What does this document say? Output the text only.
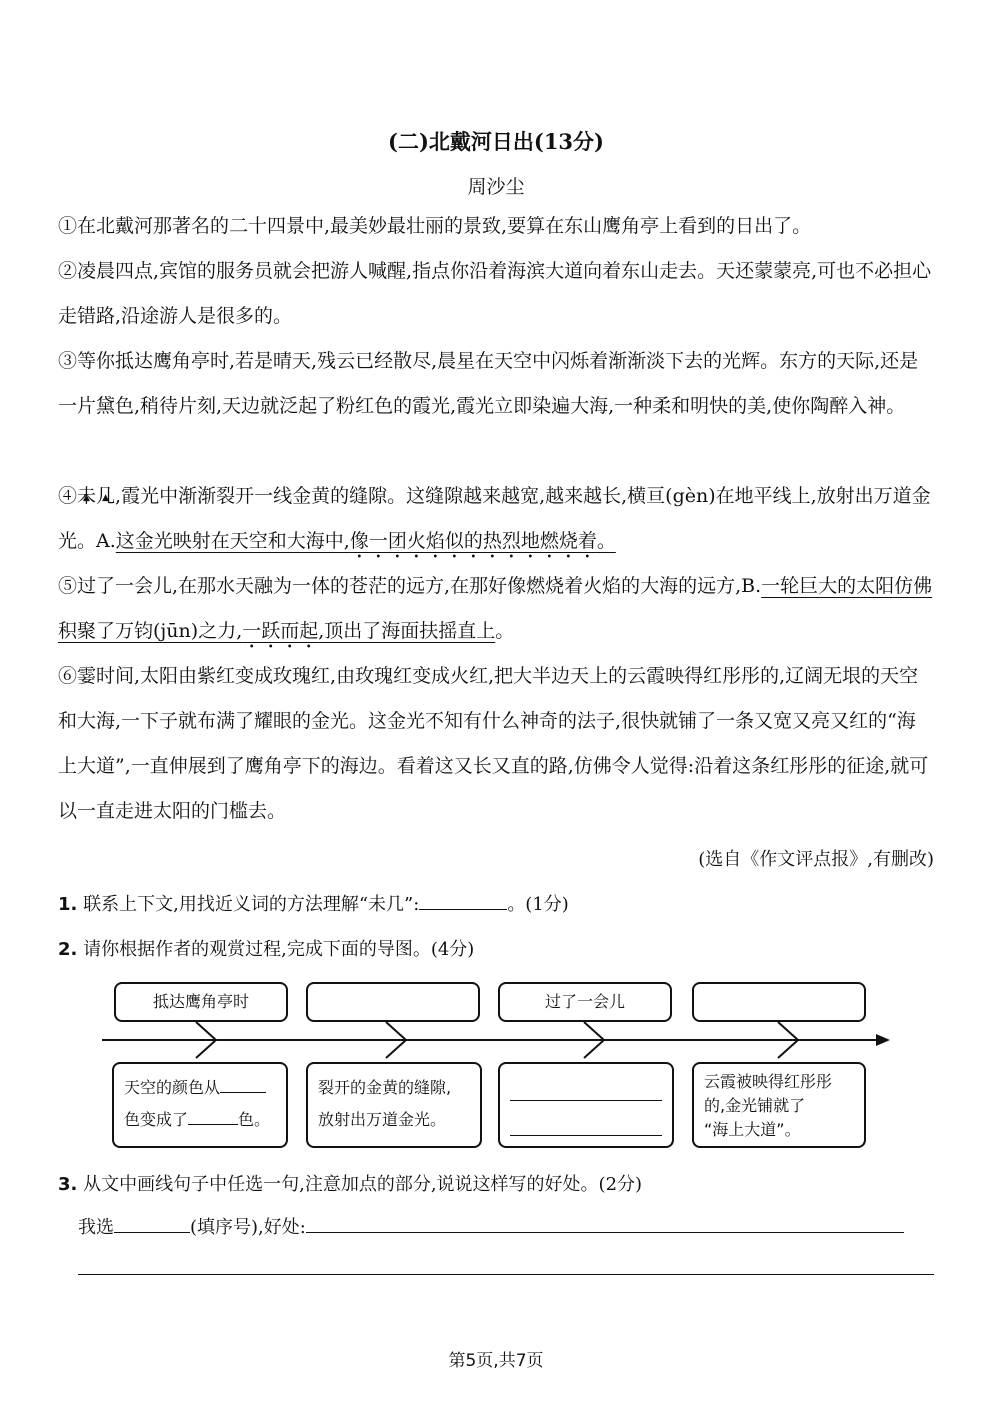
(二)北戴河日出(13分)
周沙尘

①在北戴河那著名的二十四景中,最美妙最壮丽的景致,要算在东山鹰角亭上看到的日出了。

②凌晨四点,宾馆的服务员就会把游人喊醒,指点你沿着海滨大道向着东山走去。天还蒙蒙亮,可也不必担心走错路,沿途游人是很多的。

③等你抵达鹰角亭时,若是晴天,残云已经散尽,晨星在天空中闪烁着渐渐淡下去的光辉。东方的天际,还是一片黛色,稍待片刻,天边就泛起了粉红色的霞光,霞光立即染遍大海,一种柔和明快的美,使你陶醉入神。

④未 ▲几 ▲,霞光中渐渐裂开一线金黄的缝隙。这缝隙越来越宽,越来越长,横亘(gèn)在地平线上,放射出万道金光。A.这金光映射在天空和大海中,像一团火焰似的热烈地燃烧着。

⑤过了一会儿,在那水天融为一体的苍茫的远方,在那好像燃烧着火焰的大海的远方,B.一轮巨大的太阳仿佛积聚了万钧(jūn)之力,一跃而起,顶出了海面扶摇直上。

⑥霎时间,太阳由紫红变成玫瑰红,由玫瑰红变成火红,把大半边天上的云霞映得红彤彤的,辽阔无垠的天空和大海,一下子就布满了耀眼的金光。这金光不知有什么神奇的法子,很快就铺了一条又宽又亮又红的“海上大道”,一直伸展到了鹰角亭下的海边。看着这又长又直的路,仿佛令人觉得:沿着这条红彤彤的征途,就可以一直走进太阳的门槛去。

(选自《作文评点报》,有删改)
1. 联系上下文,用找近义词的方法理解“未几”:	。(1分)
2. 请你根据作者的观赏过程,完成下面的导图。(4分)
抵达鹰角亭时	过了一会儿
天空的颜色从
色变成了	色。
裂开的金黄的缝隙,
放射出万道金光。
云霞被映得红彤彤
的,金光铺就了
“海上大道”。
3. 从文中画线句子中任选一句,注意加点的部分,说说这样写的好处。(2分)
我选	(填序号),好处:
第5页,共7页
